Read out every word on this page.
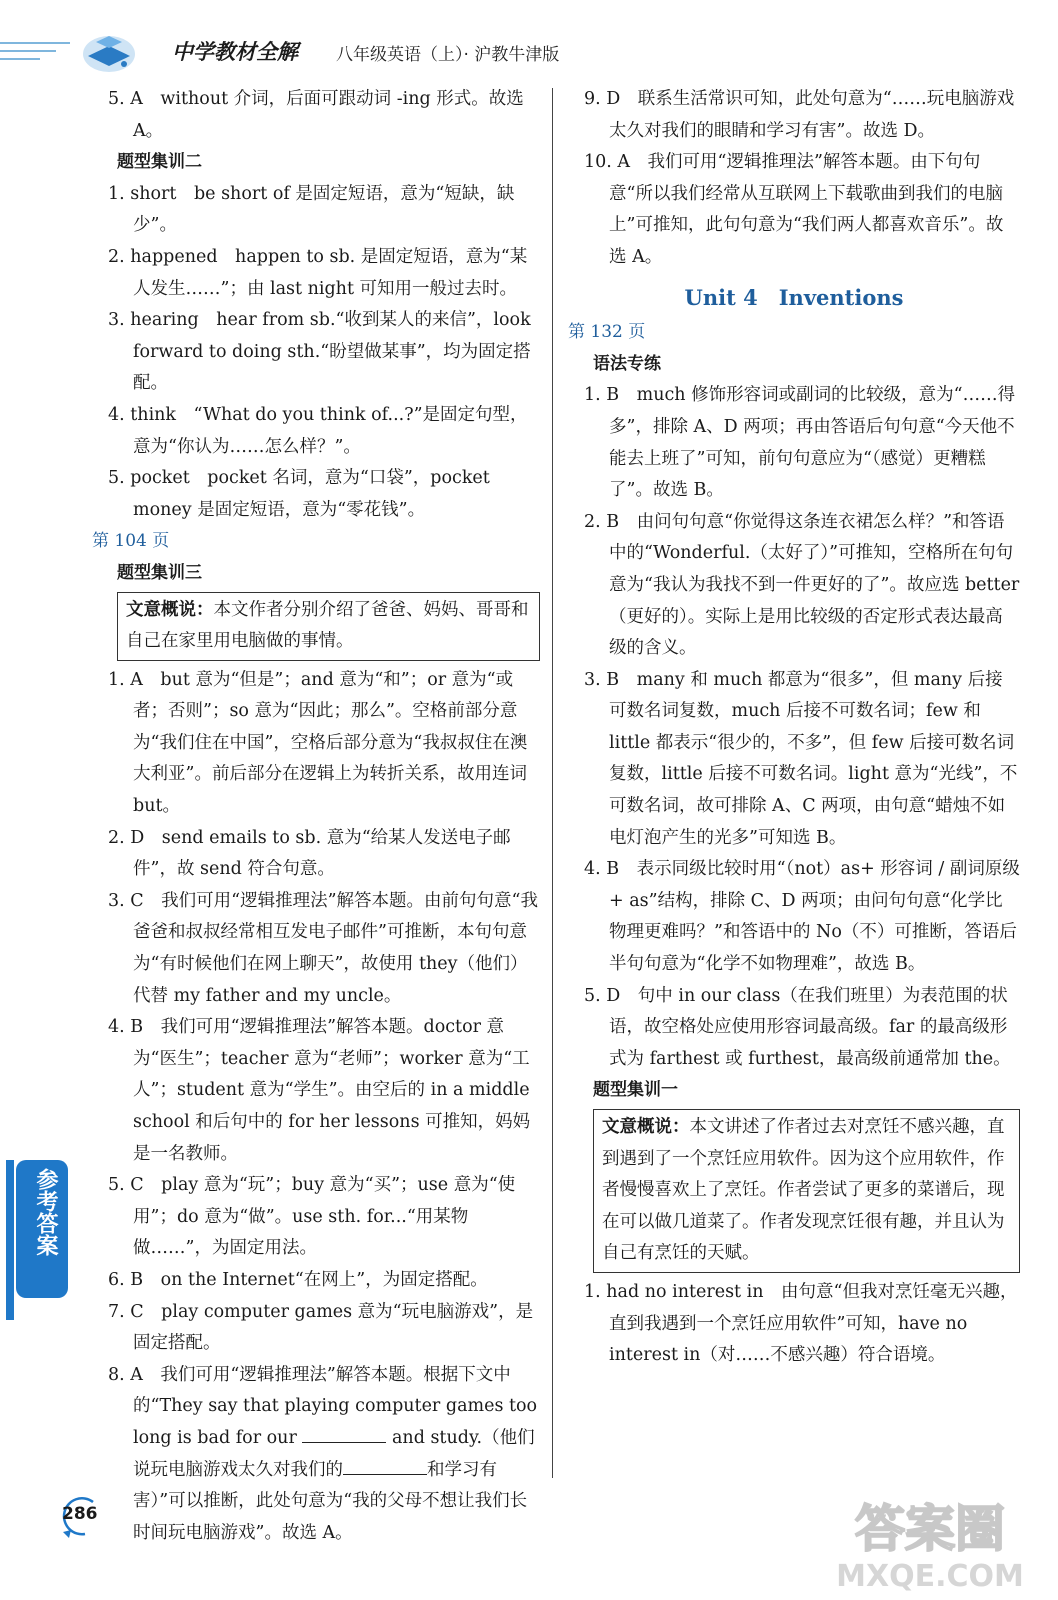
中学教材全解 八年级英语（上）· 沪教牛津版

5. A　without 介词，后面可跟动词 -ing 形式。故选 A。

题型集训二

1. short　be short of 是固定短语，意为“短缺，缺少”。

2. happened　happen to sb. 是固定短语，意为“某人发生……”；由 last night 可知用一般过去时。

3. hearing　hear from sb.“收到某人的来信”，look forward to doing sth.“盼望做某事”，均为固定搭配。

4. think　“What do you think of...?”是固定句型，意为“你认为……怎么样？”。

5. pocket　pocket 名词，意为“口袋”，pocket money 是固定短语，意为“零花钱”。

第 104 页

题型集训三

文意概说：本文作者分别介绍了爸爸、妈妈、哥哥和自己在家里用电脑做的事情。

1. A　but 意为“但是”；and 意为“和”；or 意为“或者；否则”；so 意为“因此；那么”。空格前部分意为“我们住在中国”，空格后部分意为“我叔叔住在澳大利亚”。前后部分在逻辑上为转折关系，故用连词 but。

2. D　send emails to sb. 意为“给某人发送电子邮件”，故 send 符合句意。

3. C　我们可用“逻辑推理法”解答本题。由前句句意“我爸爸和叔叔经常相互发电子邮件”可推断，本句句意为“有时候他们在网上聊天”，故使用 they（他们）代替 my father and my uncle。

4. B　我们可用“逻辑推理法”解答本题。doctor 意为“医生”；teacher 意为“老师”；worker 意为“工人”；student 意为“学生”。由空后的 in a middle school 和后句中的 for her lessons 可推知，妈妈是一名教师。

5. C　play 意为“玩”；buy 意为“买”；use 意为“使用”；do 意为“做”。use sth. for...“用某物做……”，为固定用法。

6. B　on the Internet“在网上”，为固定搭配。

7. C　play computer games 意为“玩电脑游戏”，是固定搭配。

8. A　我们可用“逻辑推理法”解答本题。根据下文中的“They say that playing computer games too long is bad for our	and study.（他们说玩电脑游戏太久对我们的	和学习有害）”可以推断，此处句意为“我的父母不想让我们长时间玩电脑游戏”。故选 A。

9. D　联系生活常识可知，此处句意为“……玩电脑游戏太久对我们的眼睛和学习有害”。故选 D。

10. A　我们可用“逻辑推理法”解答本题。由下句句意“所以我们经常从互联网上下载歌曲到我们的电脑上”可推知，此句句意为“我们两人都喜欢音乐”。故选 A。

Unit 4　Inventions

第 132 页

语法专练

1. B　much 修饰形容词或副词的比较级，意为“……得多”，排除 A、D 两项；再由答语后句句意“今天他不能去上班了”可知，前句句意应为“（感觉）更糟糕了”。故选 B。

2. B　由问句句意“你觉得这条连衣裙怎么样？”和答语中的“Wonderful.（太好了）”可推知，空格所在句句意为“我认为我找不到一件更好的了”。故应选 better（更好的）。实际上是用比较级的否定形式表达最高级的含义。

3. B　many 和 much 都意为“很多”，但 many 后接可数名词复数，much 后接不可数名词；few 和 little 都表示“很少的，不多”，但 few 后接可数名词复数，little 后接不可数名词。light 意为“光线”，不可数名词，故可排除 A、C 两项，由句意“蜡烛不如电灯泡产生的光多”可知选 B。

4. B　表示同级比较时用“（not）as+ 形容词 / 副词原级 + as”结构，排除 C、D 两项；由问句句意“化学比物理更难吗？”和答语中的 No（不）可推断，答语后半句句意为“化学不如物理难”，故选 B。

5. D　句中 in our class（在我们班里）为表范围的状语，故空格处应使用形容词最高级。far 的最高级形式为 farthest 或 furthest，最高级前通常加 the。

题型集训一

文意概说：本文讲述了作者过去对烹饪不感兴趣，直到遇到了一个烹饪应用软件。因为这个应用软件，作者慢慢喜欢上了烹饪。作者尝试了更多的菜谱后，现在可以做几道菜了。作者发现烹饪很有趣，并且认为自己有烹饪的天赋。

1. had no interest in　由句意“但我对烹饪毫无兴趣，直到我遇到一个烹饪应用软件”可知，have no interest in（对……不感兴趣）符合语境。

参考答案
286	答案圈
MXQE.COM
